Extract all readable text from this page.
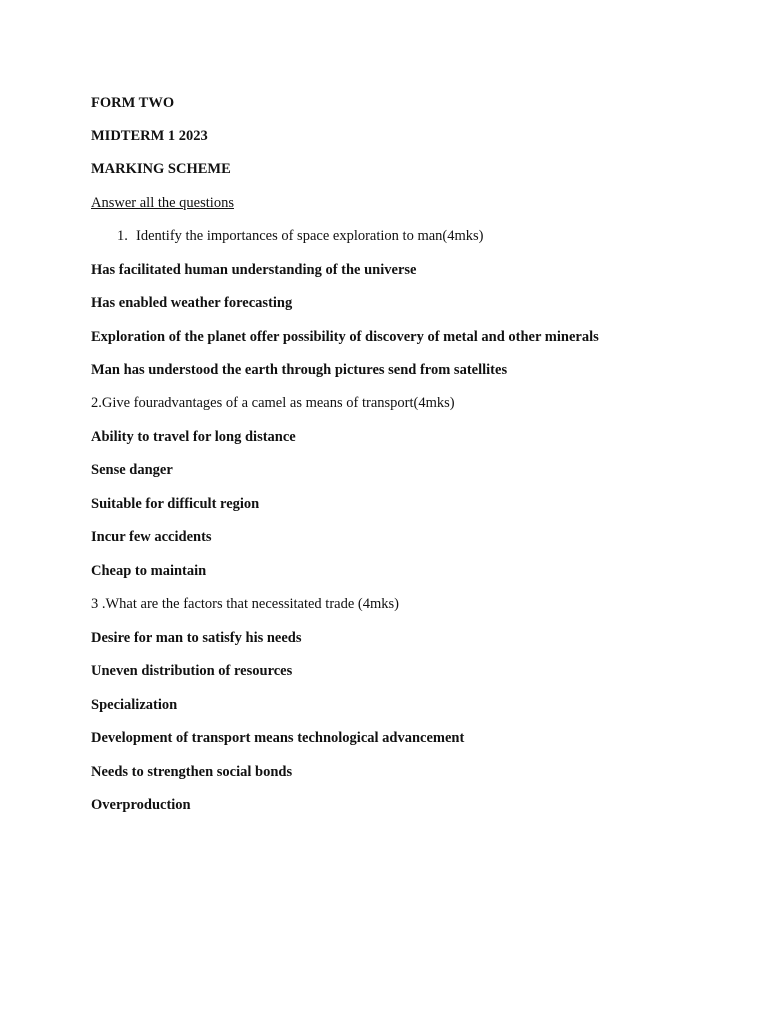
FORM TWO
MIDTERM 1 2023
MARKING SCHEME
Answer all the questions
1. Identify the importances of space exploration to man(4mks)
Has facilitated human understanding of the universe
Has enabled weather forecasting
Exploration of the planet offer possibility of discovery of metal and other minerals
Man has understood the earth through pictures send from satellites
2.Give fouradvantages of a camel as means of transport(4mks)
Ability to travel for long distance
Sense danger
Suitable for difficult region
Incur few accidents
Cheap to maintain
3 .What are the factors that necessitated trade (4mks)
Desire for man to satisfy his needs
Uneven distribution of resources
Specialization
Development of transport means technological advancement
Needs to strengthen social bonds
Overproduction
